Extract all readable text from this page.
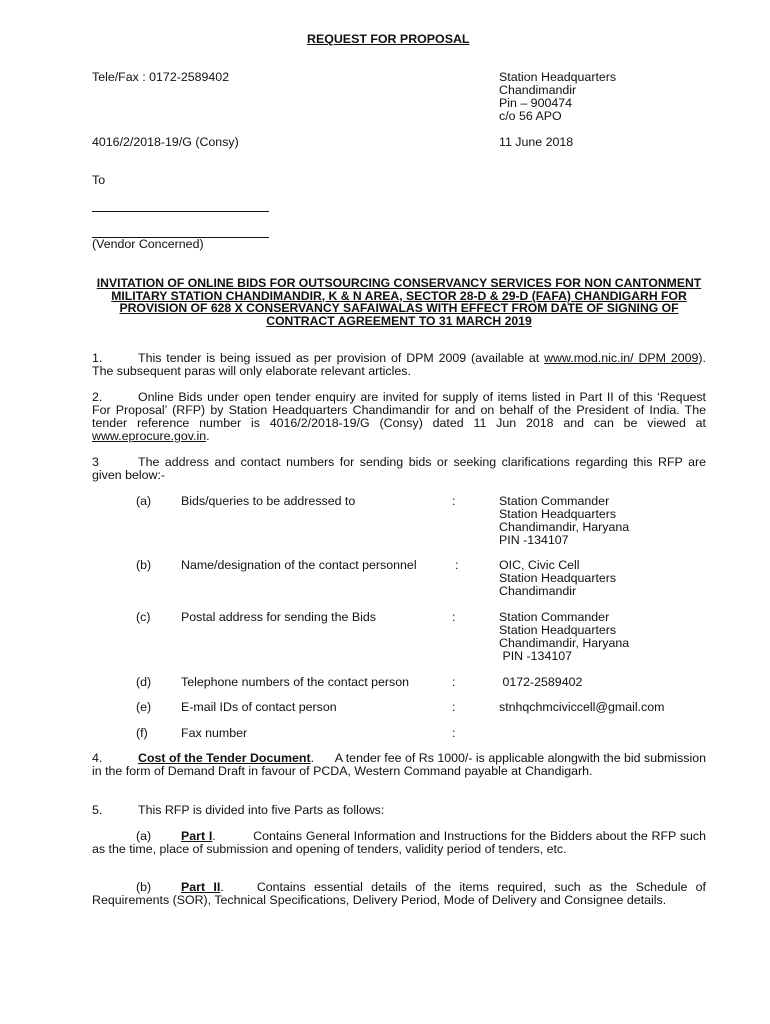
REQUEST FOR PROPOSAL
Tele/Fax : 0172-2589402	Station Headquarters
Chandimandir
Pin – 900474
c/o 56 APO
4016/2/2018-19/G (Consy)	11 June 2018
To
(Vendor Concerned)
INVITATION OF ONLINE BIDS FOR OUTSOURCING CONSERVANCY SERVICES FOR NON CANTONMENT MILITARY STATION CHANDIMANDIR, K & N AREA, SECTOR 28-D & 29-D (FAFA) CHANDIGARH FOR PROVISION OF 628 X CONSERVANCY SAFAIWALAS WITH EFFECT FROM DATE OF SIGNING OF CONTRACT AGREEMENT TO 31 MARCH 2019
1.	This tender is being issued as per provision of DPM 2009 (available at www.mod.nic.in/ DPM 2009). The subsequent paras will only elaborate relevant articles.
2.	Online Bids under open tender enquiry are invited for supply of items listed in Part II of this ‘Request For Proposal’ (RFP) by Station Headquarters Chandimandir for and on behalf of the President of India. The tender reference number is 4016/2/2018-19/G (Consy) dated 11 Jun 2018 and can be viewed at www.eprocure.gov.in.
3	The address and contact numbers for sending bids or seeking clarifications regarding this RFP are given below:-
(a) Bids/queries to be addressed to	:	Station Commander
Station Headquarters
Chandimandir, Haryana
PIN -134107
(b) Name/designation of the contact personnel	:	OIC, Civic Cell
Station Headquarters
Chandimandir
(c) Postal address for sending the Bids	:	Station Commander
Station Headquarters
Chandimandir, Haryana
PIN -134107
(d) Telephone numbers of the contact person	:	0172-2589402
(e) E-mail IDs of contact person	:	stnhqchmciviccell@gmail.com
(f)	Fax number	:
4.	Cost of the Tender Document.      A tender fee of Rs 1000/- is applicable alongwith the bid submission in the form of Demand Draft in favour of PCDA, Western Command payable at Chandigarh.
5.	This RFP is divided into five Parts as follows:
(a) Part I.          Contains General Information and Instructions for the Bidders about the RFP such as the time, place of submission and opening of tenders, validity period of tenders, etc.
(b) Part II.    Contains essential details of the items required, such as the Schedule of Requirements (SOR), Technical Specifications, Delivery Period, Mode of Delivery and Consignee details.
